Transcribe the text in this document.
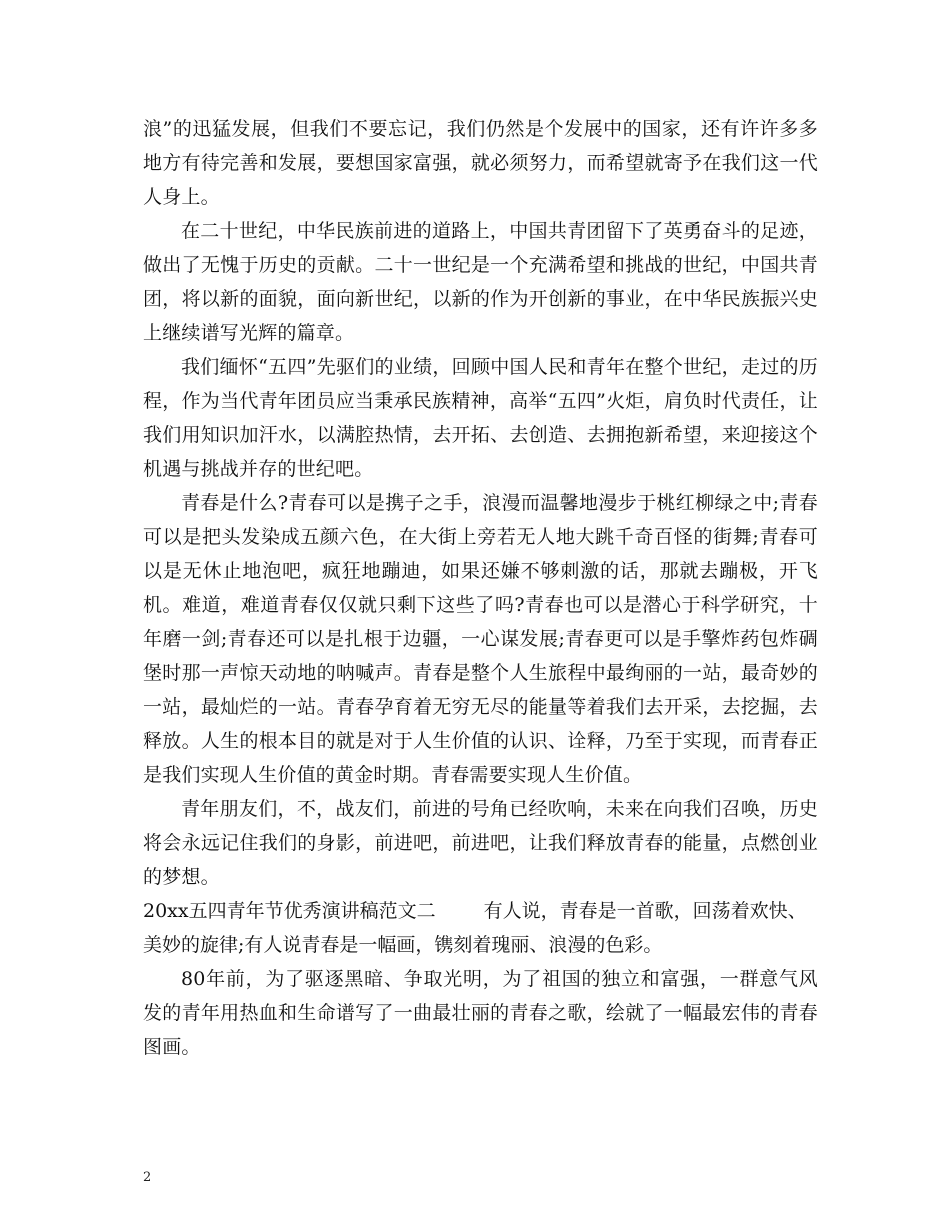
浪”的迅猛发展，但我们不要忘记，我们仍然是个发展中的国家，还有许许多多地方有待完善和发展，要想国家富强，就必须努力，而希望就寄予在我们这一代人身上。

在二十世纪，中华民族前进的道路上，中国共青团留下了英勇奋斗的足迹，做出了无愧于历史的贡献。二十一世纪是一个充满希望和挑战的世纪，中国共青团，将以新的面貌，面向新世纪，以新的作为开创新的事业，在中华民族振兴史上继续谱写光辉的篇章。

我们缅怀“五四”先驱们的业绩，回顾中国人民和青年在整个世纪，走过的历程，作为当代青年团员应当秉承民族精神，高举“五四”火炬，肩负时代责任，让我们用知识加汗水，以满腔热情，去开拓、去创造、去拥抱新希望，来迎接这个机遇与挑战并存的世纪吧。

青春是什么?青春可以是携子之手，浪漫而温馨地漫步于桃红柳绿之中;青春可以是把头发染成五颜六色，在大街上旁若无人地大跳千奇百怪的街舞;青春可以是无休止地泡吧，疯狂地蹦迪，如果还嫌不够刺激的话，那就去蹦极，开飞机。难道，难道青春仅仅就只剩下这些了吗?青春也可以是潜心于科学研究，十年磨一剑;青春还可以是扎根于边疆，一心谋发展;青春更可以是手擎炸药包炸碉堡时那一声惊天动地的呐喊声。青春是整个人生旅程中最绚丽的一站，最奇妙的一站，最灿烂的一站。青春孕育着无穷无尽的能量等着我们去开采，去挖掘，去释放。人生的根本目的就是对于人生价值的认识、诠释，乃至于实现，而青春正是我们实现人生价值的黄金时期。青春需要实现人生价值。

青年朋友们，不，战友们，前进的号角已经吹响，未来在向我们召唤，历史将会永远记住我们的身影，前进吧，前进吧，让我们释放青春的能量，点燃创业的梦想。

20xx五四青年节优秀演讲稿范文二	有人说，青春是一首歌，回荡着欢快、美妙的旋律;有人说青春是一幅画，镌刻着瑰丽、浪漫的色彩。

80年前，为了驱逐黑暗、争取光明，为了祖国的独立和富强，一群意气风发的青年用热血和生命谱写了一曲最壮丽的青春之歌，绘就了一幅最宏伟的青春图画。

2
